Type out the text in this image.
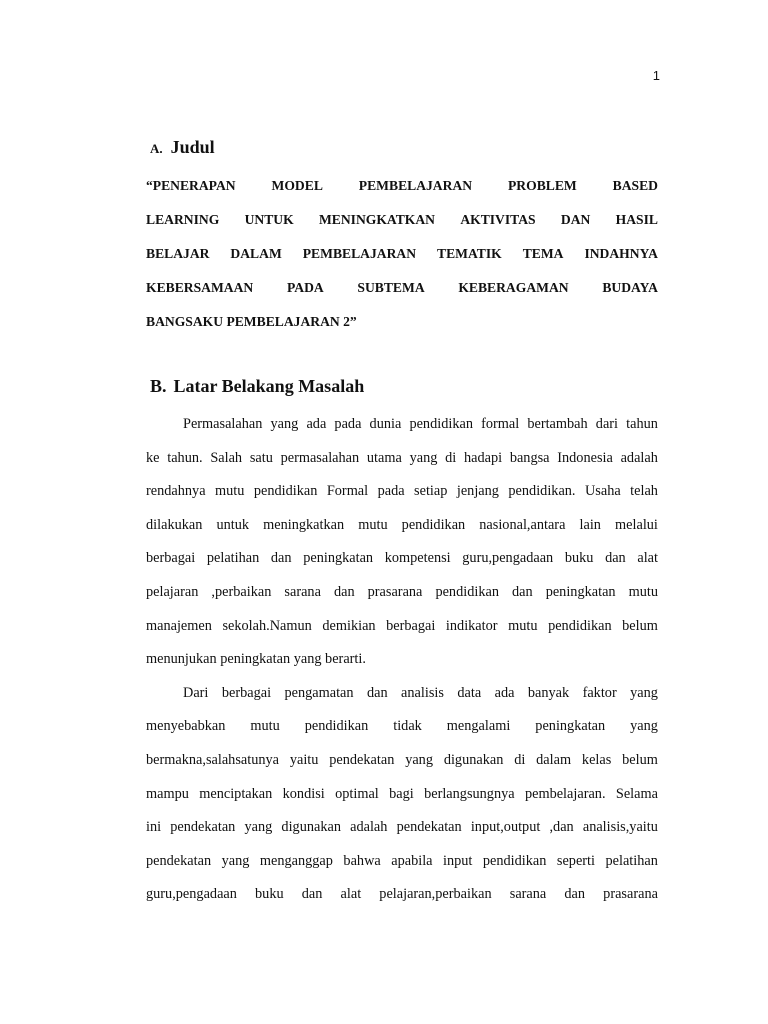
1
A. Judul
“PENERAPAN	MODEL	PEMBELAJARAN	PROBLEM	BASED
LEARNING UNTUK MENINGKATKAN AKTIVITAS DAN HASIL
BELAJAR DALAM PEMBELAJARAN TEMATIK TEMA INDAHNYA
KEBERSAMAAN PADA SUBTEMA KEBERAGAMAN BUDAYA
BANGSAKU PEMBELAJARAN 2”
B. Latar Belakang Masalah
Permasalahan yang ada pada dunia pendidikan formal bertambah dari tahun
ke tahun. Salah satu permasalahan utama yang di hadapi bangsa Indonesia adalah
rendahnya mutu pendidikan Formal pada setiap jenjang pendidikan. Usaha telah
dilakukan untuk meningkatkan mutu pendidikan nasional,antara lain melalui
berbagai pelatihan dan peningkatan kompetensi guru,pengadaan buku dan alat
pelajaran ,perbaikan sarana dan prasarana pendidikan dan peningkatan mutu
manajemen sekolah.Namun demikian berbagai indikator mutu pendidikan belum
menunjukan peningkatan yang berarti.
Dari berbagai pengamatan dan analisis data ada banyak faktor yang
menyebabkan mutu pendidikan tidak mengalami peningkatan yang
bermakna,salahsatunya yaitu pendekatan yang digunakan di dalam kelas belum
mampu menciptakan kondisi optimal bagi berlangsungnya pembelajaran. Selama
ini pendekatan yang digunakan adalah pendekatan input,output ,dan analisis,yaitu
pendekatan yang menganggap bahwa apabila input pendidikan seperti pelatihan
guru,pengadaan buku dan alat pelajaran,perbaikan sarana dan prasarana
